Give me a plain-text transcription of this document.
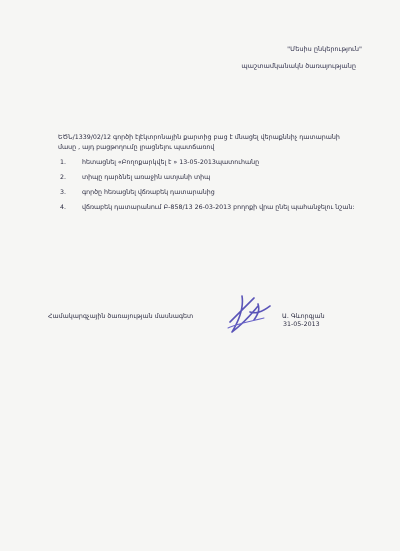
"Մեսիս ընկերություն"
պաշտամկանակն ծառայությանը
ԵԾՆ/1339/02/12 գործի էլէկտրոնային քարտից բաց է մնացել վերաքննիչ դատարանի մասը , այդ բացթողումը լրացնելու պատճառով
1.	հետացնել «Բողոքարկվել է » 13-05-2013պատուհանը
2.	տիպը դարձնել առաջին ատյանի տիպ
3.	գործը հեռացնել վճռաբեկ դատարանից
4.	վճռաբեկ դատարանում Բ-858/13 26-03-2013 բողոքի վրա ընել պահանջելու նշան:
Համակարգչային ծառայության մասնագետ	Ա. Գևորգյան
31-05-2013
